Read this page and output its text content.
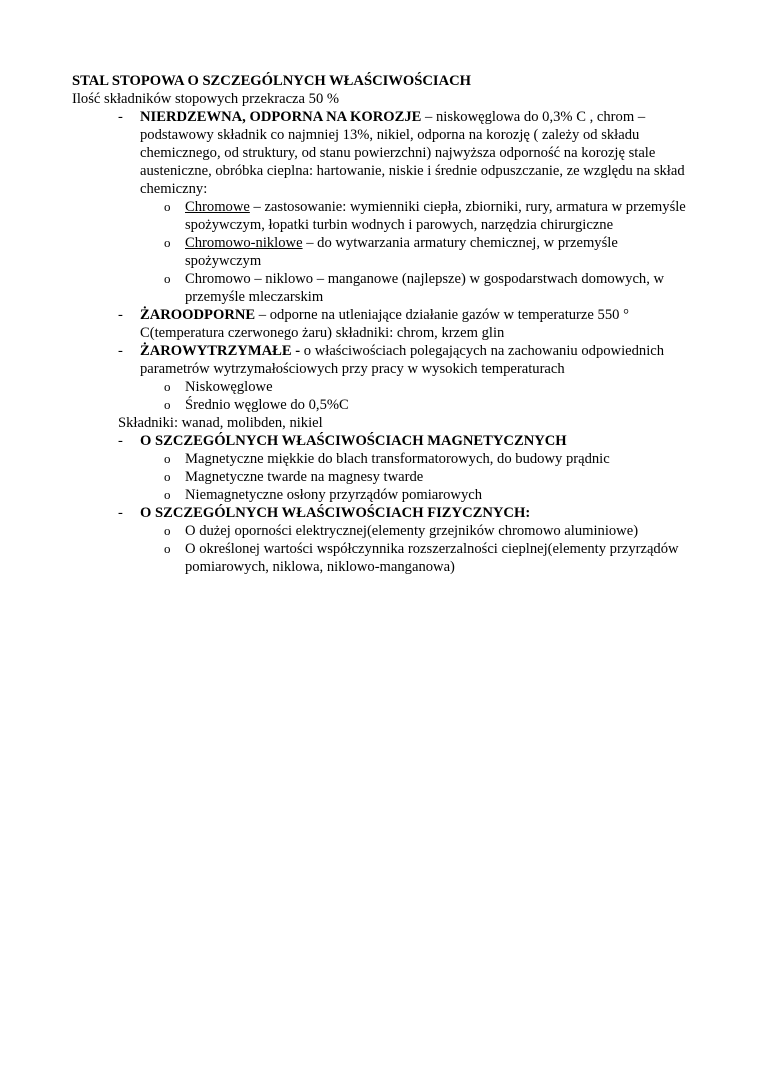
STAL STOPOWA O SZCZEGÓLNYCH WŁAŚCIWOŚCIACH
Ilość składników stopowych przekracza 50 %
- NIERDZEWNA, ODPORNA NA KOROZJE – niskowęglowa do 0,3% C , chrom – podstawowy składnik co najmniej 13%, nikiel, odporna na korozję ( zależy od składu chemicznego, od struktury, od stanu powierzchni) najwyższa odporność na korozję stale austeniczne, obróbka cieplna: hartowanie, niskie i średnie odpuszczanie, ze względu na skład chemiczny:
o Chromowe – zastosowanie: wymienniki ciepła, zbiorniki, rury, armatura w przemyśle spożywczym, łopatki turbin wodnych i parowych, narzędzia chirurgiczne
o Chromowo-niklowe – do wytwarzania armatury chemicznej, w przemyśle spożywczym
o Chromowo – niklowo – manganowe (najlepsze) w gospodarstwach domowych, w przemyśle mleczarskim
- ŻAROODPORNE – odporne na utleniające działanie gazów w temperaturze 550 ° C(temperatura czerwonego żaru) składniki: chrom, krzem glin
- ŻAROWYTRZYMAŁE - o właściwościach polegających na zachowaniu odpowiednich parametrów wytrzymałościowych przy pracy w wysokich temperaturach
o Niskowęglowe
o Średnio węglowe do 0,5%C
Składniki: wanad, molibden, nikiel
- O SZCZEGÓLNYCH WŁAŚCIWOŚCIACH MAGNETYCZNYCH
o Magnetyczne miękkie do blach transformatorowych, do budowy prądnic
o Magnetyczne twarde na magnesy twarde
o Niemagnetyczne osłony przyrządów pomiarowych
- O SZCZEGÓLNYCH WŁAŚCIWOŚCIACH FIZYCZNYCH:
o O dużej oporności elektrycznej(elementy grzejników chromowo aluminiowe)
o O określonej wartości współczynnika rozszerzalności cieplnej(elementy przyrządów pomiarowych, niklowa, niklowo-manganowa)
